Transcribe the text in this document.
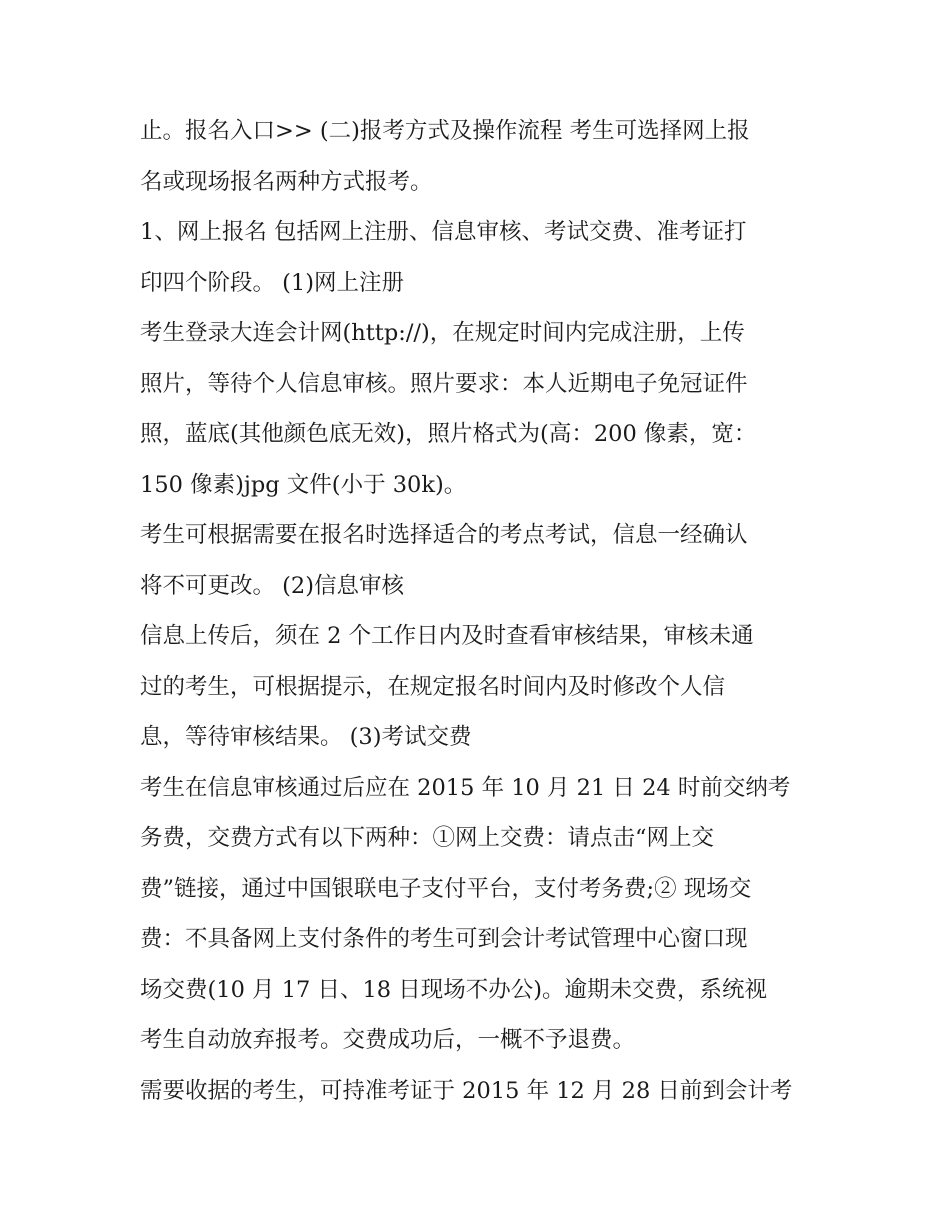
止。报名入口>> (二)报考方式及操作流程 考生可选择网上报
名或现场报名两种方式报考。
1、网上报名 包括网上注册、信息审核、考试交费、准考证打
印四个阶段。 (1)网上注册
考生登录大连会计网(http://)，在规定时间内完成注册，上传
照片，等待个人信息审核。照片要求：本人近期电子免冠证件
照，蓝底(其他颜色底无效)，照片格式为(高：200 像素，宽：
150 像素)jpg 文件(小于 30k)。
考生可根据需要在报名时选择适合的考点考试，信息一经确认
将不可更改。 (2)信息审核
信息上传后，须在 2 个工作日内及时查看审核结果，审核未通
过的考生，可根据提示，在规定报名时间内及时修改个人信
息，等待审核结果。 (3)考试交费
考生在信息审核通过后应在 2015 年 10 月 21 日 24 时前交纳考
务费，交费方式有以下两种：①网上交费：请点击“网上交
费”链接，通过中国银联电子支付平台，支付考务费;② 现场交
费：不具备网上支付条件的考生可到会计考试管理中心窗口现
场交费(10 月 17 日、18 日现场不办公)。逾期未交费，系统视
考生自动放弃报考。交费成功后，一概不予退费。
需要收据的考生，可持准考证于 2015 年 12 月 28 日前到会计考
